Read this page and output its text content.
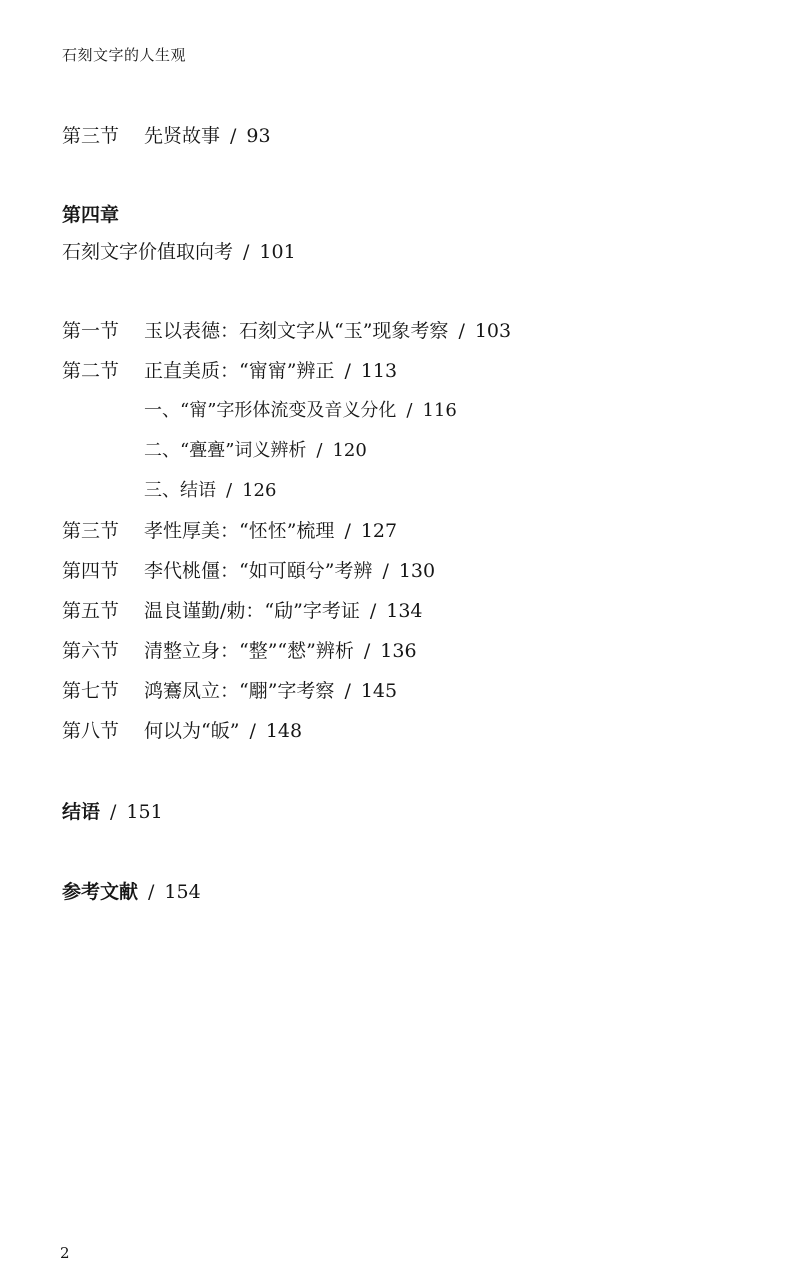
石刻文字的人生观
第三节 先贤故事 / 93
第四章
石刻文字价值取向考 / 101
第一节 玉以表德：石刻文字从“玉”现象考察 / 103
第二节 正直美质：“甯甯”辨正 / 113
一、“甯”字形体流变及音义分化 / 116
二、“亹亹”词义辨析 / 120
三、结语 / 126
第三节 孝性厚美：“怌怌”梳理 / 127
第四节 李代桃僵：“如可頤兮”考辨 / 130
第五节 温良谨勤/勅：“劶”字考证 / 134
第六节 清整立身：“整”“憖”辨析 / 136
第七节 鸿鶱凤立：“翢”字考察 / 145
第八节 何以为“皈” / 148
结语 / 151
参考文献 / 154
2
